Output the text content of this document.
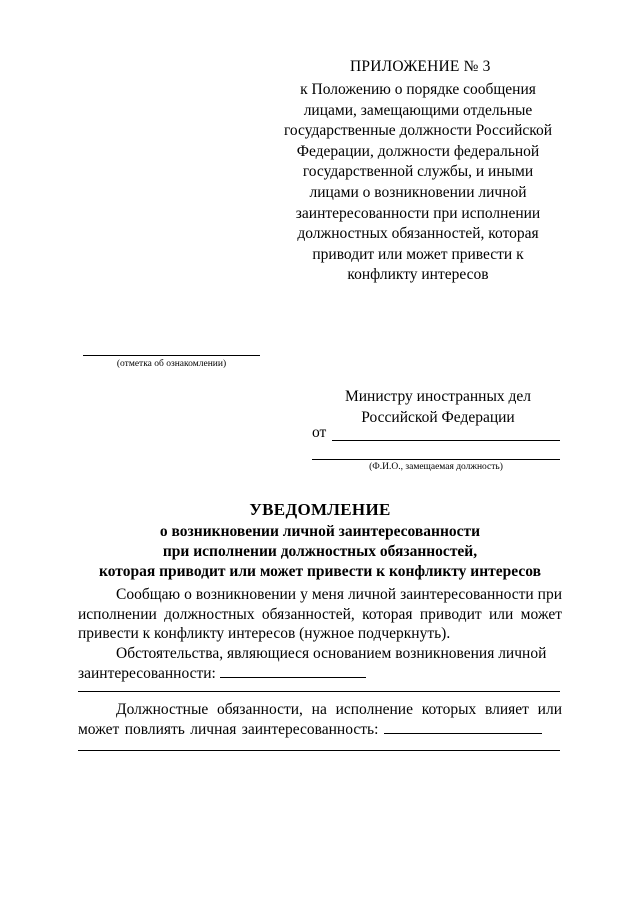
ПРИЛОЖЕНИЕ № 3
к Положению о порядке сообщения
лицами, замещающими отдельные
государственные должности Российской
Федерации, должности федеральной
государственной службы, и иными
лицами о возникновении личной
заинтересованности при исполнении
должностных обязанностей, которая
приводит или может привести к
конфликту интересов
(отметка об ознакомлении)
Министру иностранных дел
Российской Федерации
от
(Ф.И.О., замещаемая должность)
УВЕДОМЛЕНИЕ
о возникновении личной заинтересованности
при исполнении должностных обязанностей,
которая приводит или может привести к конфликту интересов
Сообщаю о возникновении у меня личной заинтересованности при исполнении должностных обязанностей, которая приводит или может привести к конфликту интересов (нужное подчеркнуть).
Обстоятельства, являющиеся основанием возникновения личной заинтересованности:
Должностные обязанности, на исполнение которых влияет или может повлиять личная заинтересованность:
